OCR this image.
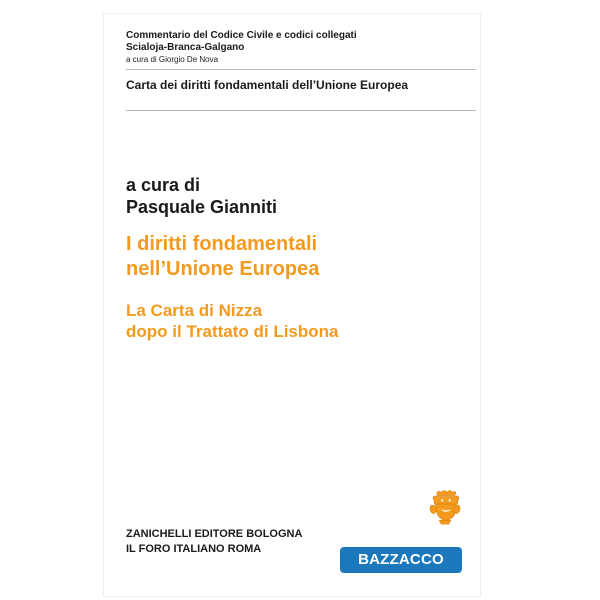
Commentario del Codice Civile e codici collegati
Scialoja-Branca-Galgano
a cura di Giorgio De Nova
Carta dei diritti fondamentali dell’Unione Europea
a cura di
Pasquale Gianniti
I diritti fondamentali
nell’Unione Europea
La Carta di Nizza
dopo il Trattato di Lisbona
ZANICHELLI EDITORE BOLOGNA
IL FORO ITALIANO ROMA
BAZZACCO
